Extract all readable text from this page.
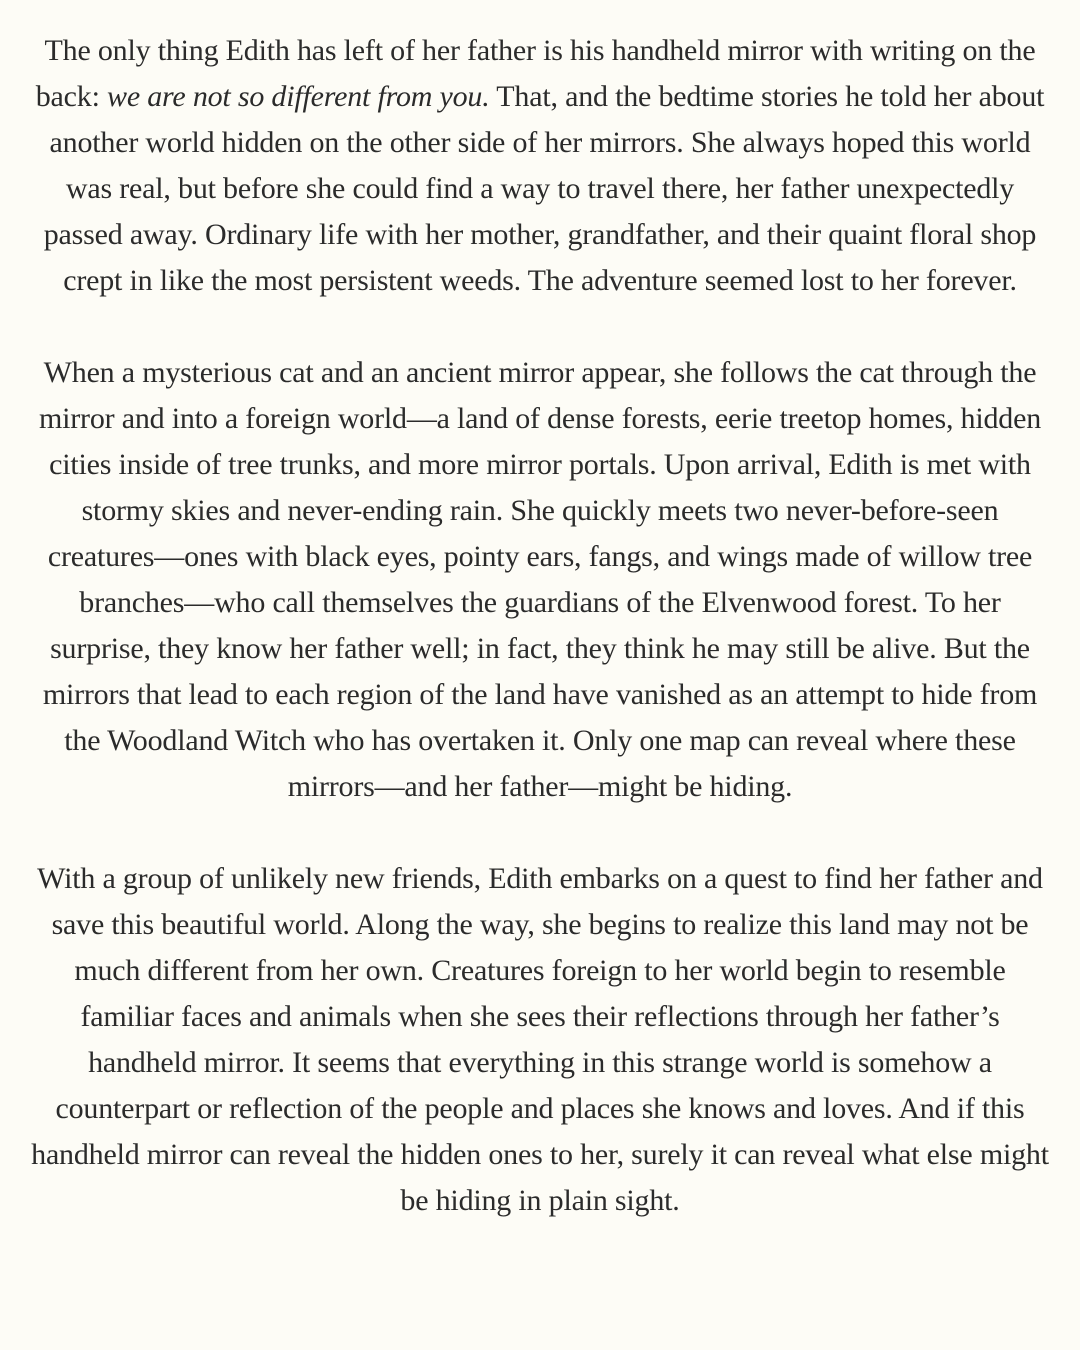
The only thing Edith has left of her father is his handheld mirror with writing on the back: we are not so different from you. That, and the bedtime stories he told her about another world hidden on the other side of her mirrors. She always hoped this world was real, but before she could find a way to travel there, her father unexpectedly passed away. Ordinary life with her mother, grandfather, and their quaint floral shop crept in like the most persistent weeds. The adventure seemed lost to her forever.

When a mysterious cat and an ancient mirror appear, she follows the cat through the mirror and into a foreign world—a land of dense forests, eerie treetop homes, hidden cities inside of tree trunks, and more mirror portals. Upon arrival, Edith is met with stormy skies and never-ending rain. She quickly meets two never-before-seen creatures—ones with black eyes, pointy ears, fangs, and wings made of willow tree branches—who call themselves the guardians of the Elvenwood forest. To her surprise, they know her father well; in fact, they think he may still be alive. But the mirrors that lead to each region of the land have vanished as an attempt to hide from the Woodland Witch who has overtaken it. Only one map can reveal where these mirrors—and her father—might be hiding.

With a group of unlikely new friends, Edith embarks on a quest to find her father and save this beautiful world. Along the way, she begins to realize this land may not be much different from her own. Creatures foreign to her world begin to resemble familiar faces and animals when she sees their reflections through her father’s handheld mirror. It seems that everything in this strange world is somehow a counterpart or reflection of the people and places she knows and loves. And if this handheld mirror can reveal the hidden ones to her, surely it can reveal what else might be hiding in plain sight.
